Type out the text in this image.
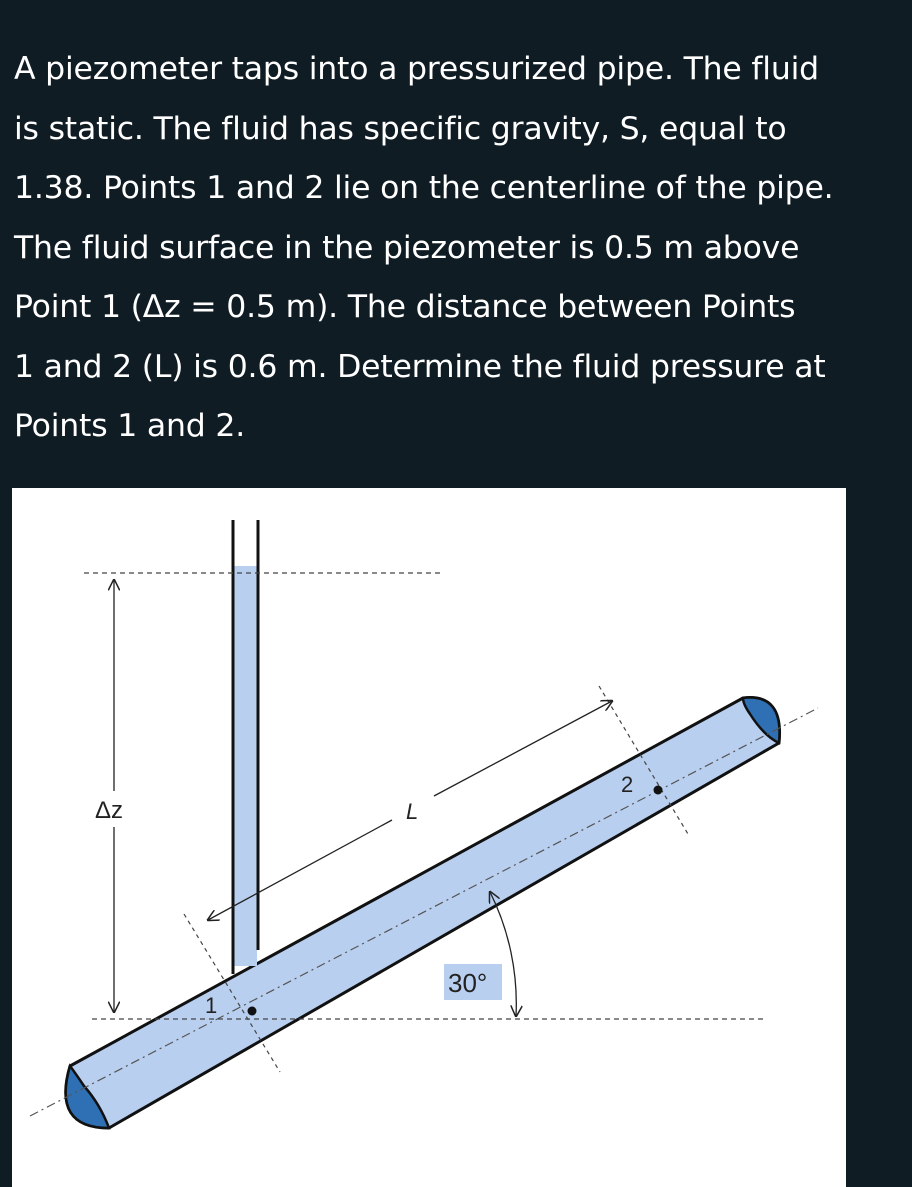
A piezometer taps into a pressurized pipe. The fluid
is static. The fluid has specific gravity, S, equal to
1.38. Points 1 and 2 lie on the centerline of the pipe.
The fluid surface in the piezometer is 0.5 m above
Point 1 (Δz = 0.5 m). The distance between Points
1 and 2 (L) is 0.6 m. Determine the fluid pressure at
Points 1 and 2.
Δz	L
30°
1
2
